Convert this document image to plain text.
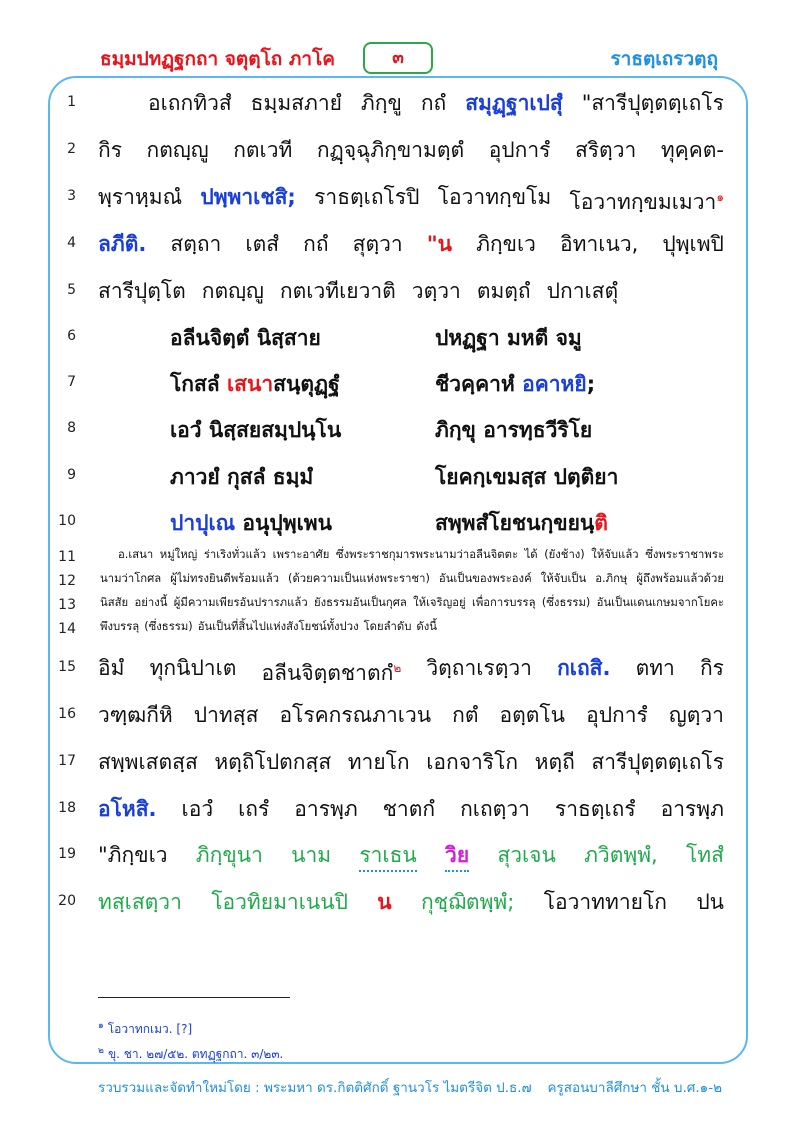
ธมฺมปทฏฺฐกถา จตุตฺโถ ภาโค	๓	ราธตฺเถรวตฺถุ
1
2
3
4
5
6
7
8
9
10
11
12
13
14
15
16
17
18
19
20
อเถกทิวสํ ธมฺมสภายํ ภิกฺขู กถํ สมุฏฺฐาเปสุํ "สารีปุตฺตตฺเถโร
กิร กตญฺญู กตเวที กฏฺจฺฉุภิกฺขามตฺตํ อุปการํ สริตฺวา ทุคฺคต-
พฺราหฺมณํ ปพฺพาเชสิ; ราธตฺเถโรปิ โอวาทกฺขโม โอวาทกฺขมเมวา$^๑$
ลภีติ. สตฺถา เตสํ กถํ สุตฺวา "น ภิกฺขเว อิทาเนว, ปุพฺเพปิ
สารีปุตฺโต กตญฺญู กตเวทีเยวาติ วตฺวา ตมตฺถํ ปกาเสตุํ
อลีนจิตฺตํ นิสฺสาย	ปหฏฺฐา มหตี จมู
โกสลํ เสนาสนฺตุฏฺฐํ	ชีวคฺคาหํ อคาหยิ;
เอวํ นิสฺสยสมฺปนฺโน	ภิกฺขุ อารทฺธวีริโย
ภาวยํ กุสลํ ธมฺมํ	โยคกฺเขมสฺส ปตฺติยา
ปาปุเณ อนุปุพฺเพน	สพฺพสํโยชนกฺขยนฺติ
อ.เสนา หมู่ใหญ่ ร่าเริงทั่วแล้ว เพราะอาศัย ซึ่งพระราชกุมารพระนามว่าอลีนจิตตะ ได้ (ยังช้าง) ให้จับแล้ว ซึ่งพระราชาพระ
นามว่าโกศล ผู้ไม่ทรงยินดีพร้อมแล้ว (ด้วยความเป็นแห่งพระราชา) อันเป็นของพระองค์ ให้จับเป็น อ.ภิกษุ ผู้ถึงพร้อมแล้วด้วย
นิสสัย อย่างนี้ ผู้มีความเพียรอันปรารภแล้ว ยังธรรมอันเป็นกุศล ให้เจริญอยู่ เพื่อการบรรลุ (ซึ่งธรรม) อันเป็นแดนเกษมจากโยคะ
พึงบรรลุ (ซึ่งธรรม) อันเป็นที่สิ้นไปแห่งสังโยชน์ทั้งปวง โดยลำดับ ดังนี้
อิมํ ทุกนิปาเต อลีนจิตฺตชาตกํ$^๒$ วิตฺถาเรตฺวา กเถสิ. ตทา กิร
วฑฺฒกีหิ ปาทสฺส อโรคกรณภาเวน กตํ อตฺตโน อุปการํ ญตฺวา
สพฺพเสตสฺส หตฺถิโปตกสฺส ทายโก เอกจาริโก หตฺถี สารีปุตฺตตฺเถโร
อโหสิ. เอวํ เถรํ อารพฺภ ชาตกํ กเถตฺวา ราธตฺเถรํ อารพฺภ
"ภิกฺขเว ภิกฺขุนา นาม ราเธน วิย สุวเจน ภวิตพฺพํ, โทสํ
ทสฺเสตฺวา โอวทิยมาเนนปิ น กุชฺฌิตพฺพํ; โอวาททายโก ปน
$^๑$ โอวาทกเมว. [?]
$^๒$ ขุ. ชา. ๒๗/๕๒. ตทฏฺฐกถา. ๓/๒๓.
รวบรวมและจัดทำใหม่โดย : พระมหา ดร.กิตติศักดิ์ ฐานวโร ไมตรีจิต ป.ธ.๗ ครูสอนบาลีศึกษา ชั้น บ.ศ.๑-๒
